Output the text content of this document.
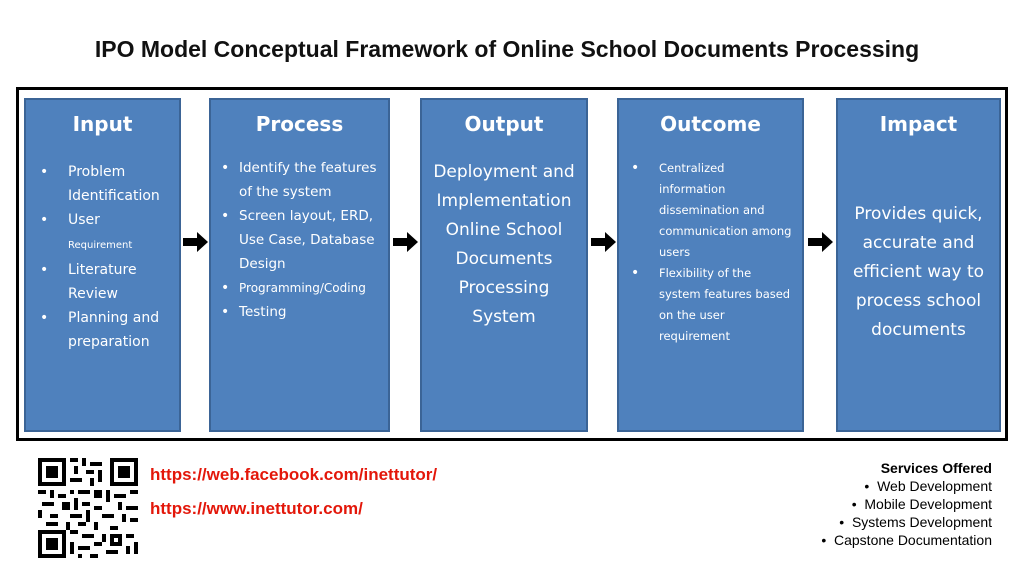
IPO Model Conceptual Framework of Online School Documents Processing
Input
• Problem Identification
• User
Requirement
• Literature Review
• Planning and preparation
Process
• Identify the features of the system
• Screen layout, ERD, Use Case, Database Design
• Programming/Coding
• Testing
Output
Deployment and Implementation Online School Documents Processing System
Outcome
• Centralized information dissemination and communication among users
• Flexibility of the system features based on the user requirement
Impact
Provides quick, accurate and efficient way to process school documents
https://web.facebook.com/inettutor/
https://www.inettutor.com/
Services Offered
•  Web Development
•  Mobile Development
•  Systems Development
•  Capstone Documentation
